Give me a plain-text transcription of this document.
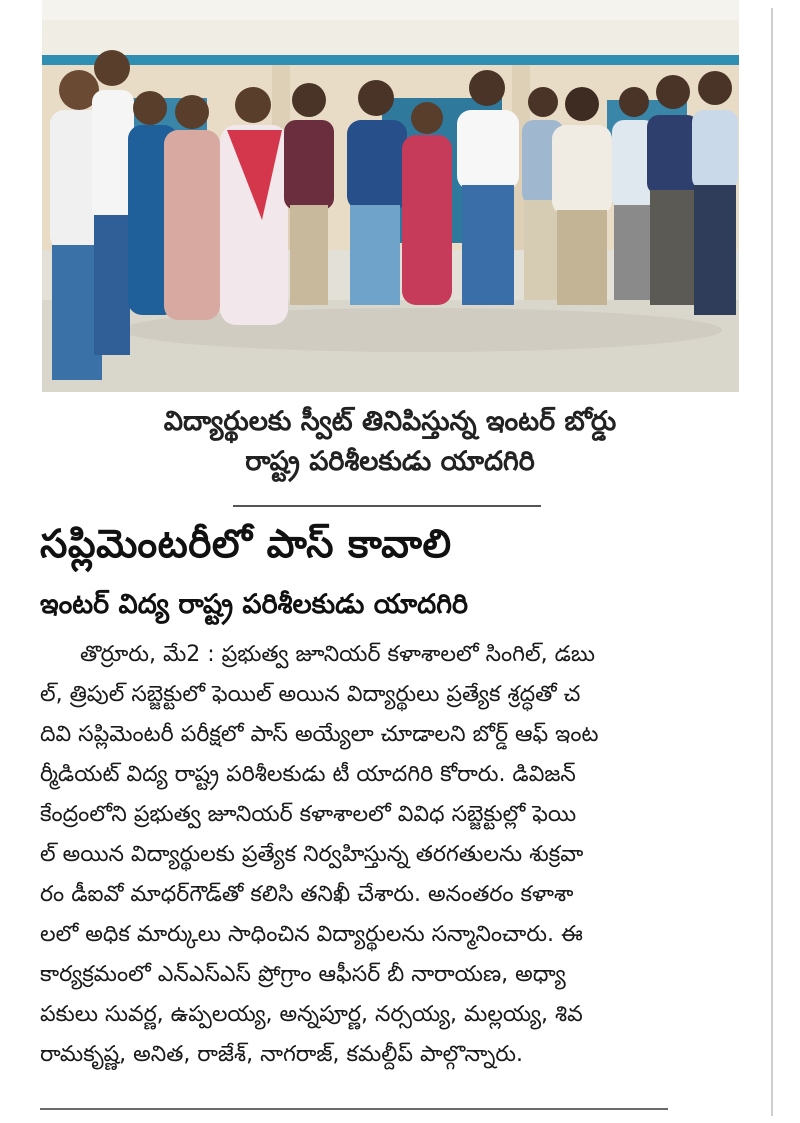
విద్యార్థులకు స్వీట్ తినిపిస్తున్న ఇంటర్ బోర్డు
రాష్ట్ర పరిశీలకుడు యాదగిరి
సప్లిమెంటరీలో పాస్ కావాలి
ఇంటర్ విద్య రాష్ట్ర పరిశీలకుడు యాదగిరి
తొర్రూరు, మే2 : ప్రభుత్వ జూనియర్ కళాశాలలో సింగిల్, డబు
ల్, త్రిపుల్ సబ్జెక్టులో ఫెయిల్ అయిన విద్యార్థులు ప్రత్యేక శ్రద్ధతో చ
దివి సప్లిమెంటరీ పరీక్షలో పాస్ అయ్యేలా చూడాలని బోర్డ్ ఆఫ్ ఇంట
ర్మీడియట్ విద్య రాష్ట్ర పరిశీలకుడు టీ యాదగిరి కోరారు. డివిజన్
కేంద్రంలోని ప్రభుత్వ జూనియర్ కళాశాలలో వివిధ సబ్జెక్టుల్లో ఫెయి
ల్ అయిన విద్యార్థులకు ప్రత్యేక నిర్వహిస్తున్న తరగతులను శుక్రవా
రం డీఐవో మాధర్‌గౌడ్‌తో కలిసి తనిఖీ చేశారు. అనంతరం కళాశా
లలో అధిక మార్కులు సాధించిన విద్యార్థులను సన్మానించారు. ఈ
కార్యక్రమంలో ఎన్ఎస్ఎస్ ప్రోగ్రాం ఆఫీసర్ బీ నారాయణ, అధ్యా
పకులు సువర్ణ, ఉప్పలయ్య, అన్నపూర్ణ, నర్సయ్య, మల్లయ్య, శివ
రామకృష్ణ, అనిత, రాజేశ్, నాగరాజ్, కమల్దీప్ పాల్గొన్నారు.
